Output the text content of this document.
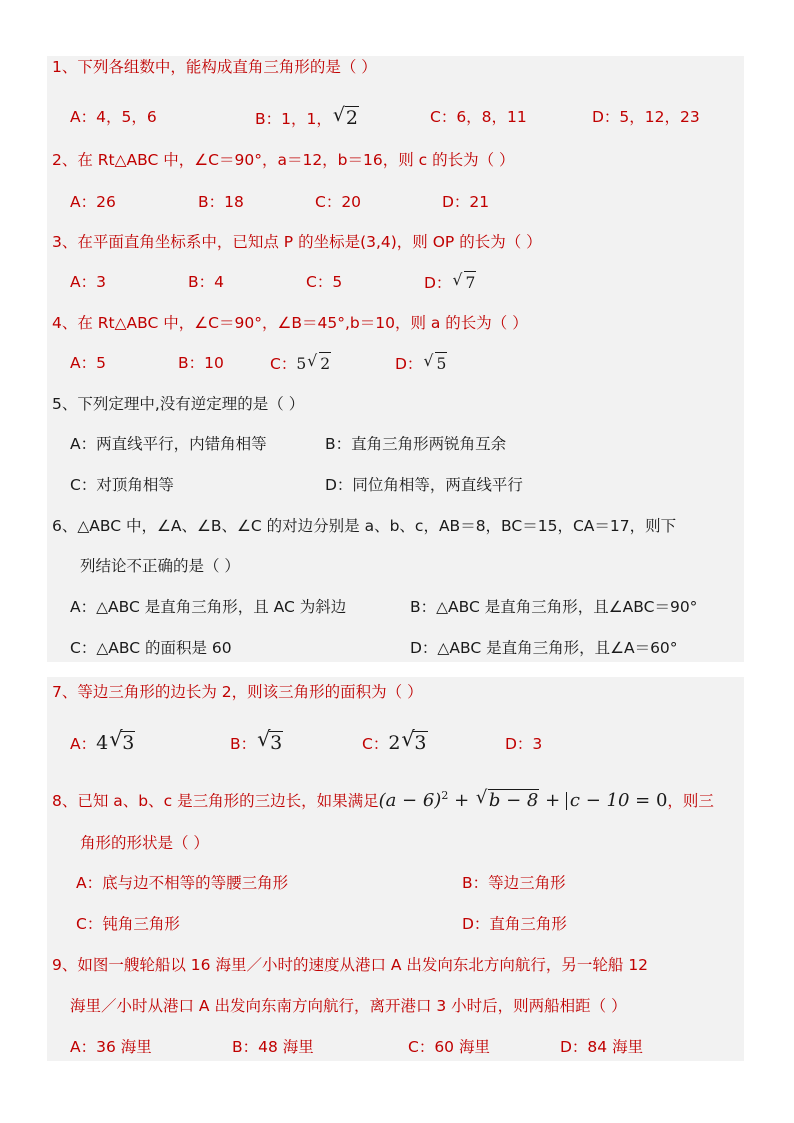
1、下列各组数中，能构成直角三角形的是（ ）
A：4，5，6	B：1，1， √ 2	C：6，8，11	D：5，12，23
2、在 Rt△ABC 中，∠C＝90°，a＝12，b＝16，则 c 的长为（ ）
A：26	B：18	C：20	D：21
3、在平面直角坐标系中，已知点 P 的坐标是(3,4)，则 OP 的长为（ ）
A：3	B：4	C：5	D： √ 7
4、在 Rt△ABC 中，∠C＝90°，∠B＝45°,b＝10，则 a 的长为（ ）
A：5	B：10	C：5 √ 2	D： √ 5
5、下列定理中,没有逆定理的是（ ）
A：两直线平行，内错角相等	B：直角三角形两锐角互余
C：对顶角相等	D：同位角相等，两直线平行
6、△ABC 中，∠A、∠B、∠C 的对边分别是 a、b、c，AB＝8，BC＝15，CA＝17，则下
列结论不正确的是（ ）
A：△ABC 是直角三角形，且 AC 为斜边	B：△ABC 是直角三角形，且∠ABC＝90°
C：△ABC 的面积是 60	D：△ABC 是直角三角形，且∠A＝60°
7、等边三角形的边长为 2，则该三角形的面积为（ ）
A：4 √ 3	B： √ 3	C：2 √ 3	D：3
8、已知 a、b、c 是三角形的三边长，如果满足$(a - 6)^2$ + √ b − 8 + c − 10 = 0，则三
角形的形状是（ ）
A：底与边不相等的等腰三角形	B：等边三角形
C：钝角三角形	D：直角三角形
9、如图一艘轮船以 16 海里／小时的速度从港口 A 出发向东北方向航行，另一轮船 12
海里／小时从港口 A 出发向东南方向航行，离开港口 3 小时后，则两船相距（ ）
A：36 海里	B：48 海里	C：60 海里	D：84 海里
